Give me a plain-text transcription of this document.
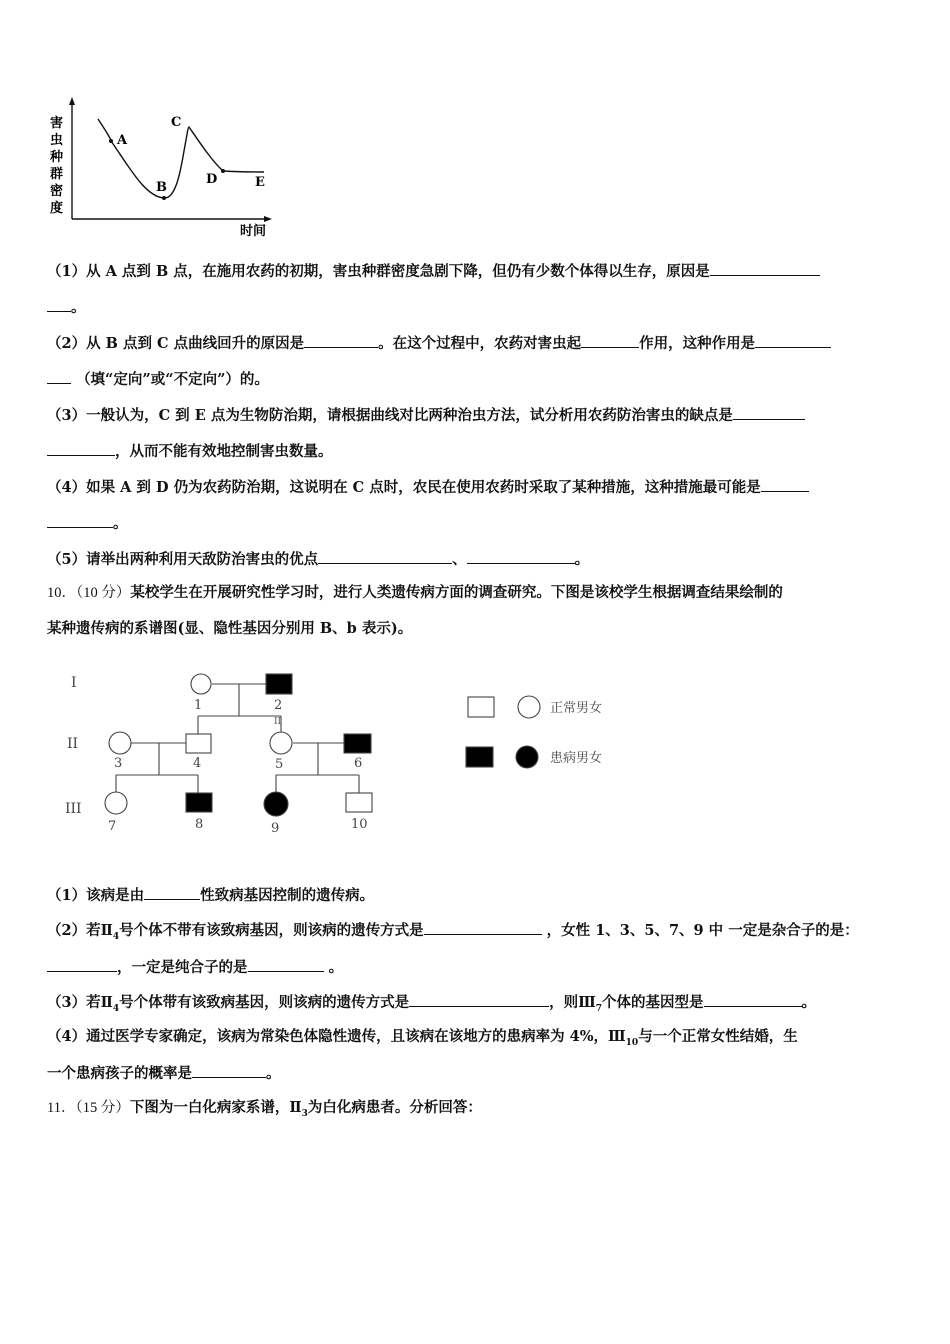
害
虫
种
群
密
度
时间
A
B
C
D	E
（1）从 A 点到 B 点，在施用农药的初期，害虫种群密度急剧下降，但仍有少数个体得以生存，原因是
。
（2）从 B 点到 C 点曲线回升的原因是	。在这个过程中，农药对害虫起	作用，这种作用是
（填“定向”或“不定向”）的。
（3）一般认为，C 到 E 点为生物防治期，请根据曲线对比两种治虫方法，试分析用农药防治害虫的缺点是
，从而不能有效地控制害虫数量。
（4）如果 A 到 D 仍为农药防治期，这说明在 C 点时，农民在使用农药时采取了某种措施，这种措施最可能是
。
（5）请举出两种利用天敌防治害虫的优点	、	。
10．（10 分）某校学生在开展研究性学习时，进行人类遗传病方面的调查研究。下图是该校学生根据调查结果绘制的
某种遗传病的系谱图(显、隐性基因分别用 B、b 表示)。
I
II
III
1	2
3	4	5	6
7	8	9	10
II
正常男女
患病男女
（1）该病是由	性致病基因控制的遗传病。
（2）若$Ⅱ_4$号个体不带有该致病基因，则该病的遗传方式是	，女性 1、3、5、7、9 中 一定是杂合子的是：
，一定是纯合子的是	。
（3）若$Ⅱ_4$号个体带有该致病基因，则该病的遗传方式是	，则$Ⅲ_7$个体的基因型是	。
（4）通过医学专家确定，该病为常染色体隐性遗传，且该病在该地方的患病率为 4%，$Ⅲ_{10}$与一个正常女性结婚，生
一个患病孩子的概率是	。
11．（15 分）下图为一白化病家系谱，$Ⅱ_3$为白化病患者。分析回答：
